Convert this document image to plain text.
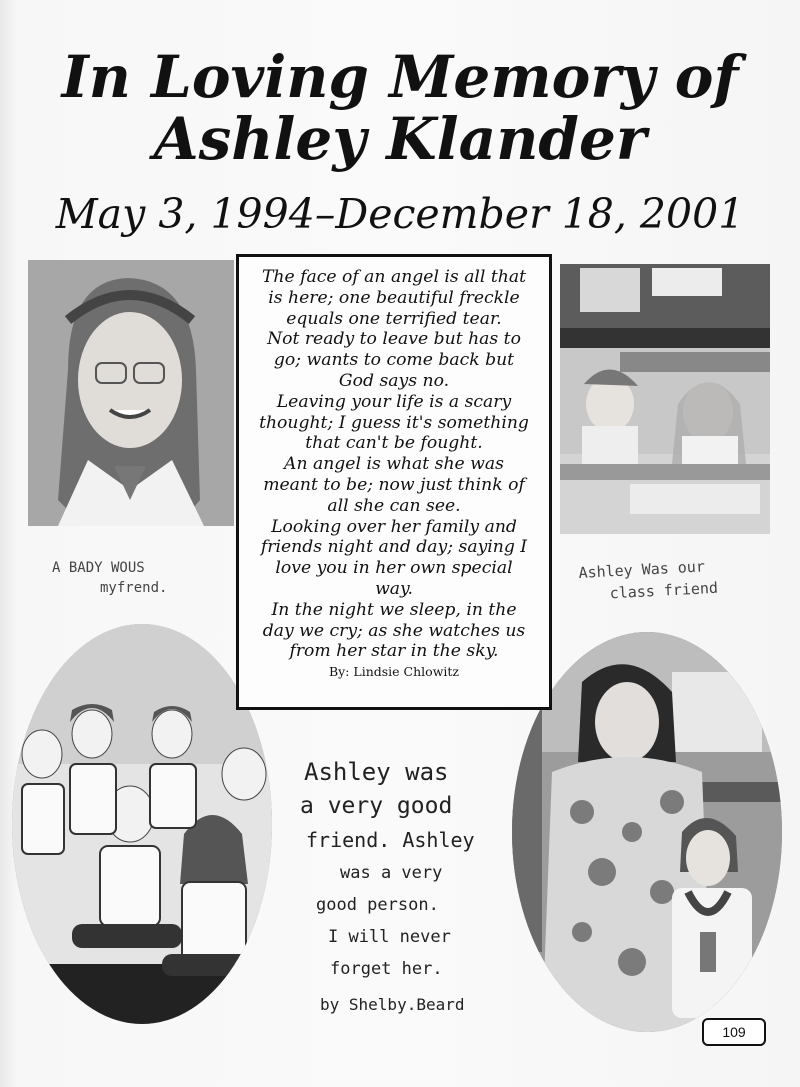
In Loving Memory of
Ashley Klander
May 3, 1994–December 18, 2001
The face of an angel is all that
is here; one beautiful freckle
equals one terrified tear.
Not ready to leave but has to
go; wants to come back but
God says no.
Leaving your life is a scary
thought; I guess it's something
that can't be fought.
An angel is what she was
meant to be; now just think of
all she can see.
Looking over her family and
friends night and day; saying I
love you in her own special
way.
In the night we sleep, in the
day we cry; as she watches us
from her star in the sky.
By: Lindsie Chlowitz
A BADY WOUS
myfrend.
Ashley Was our
class friend
Ashley was
a very good
friend. Ashley
was a very
good person.
I will never
forget her.
by Shelby.Beard
109
